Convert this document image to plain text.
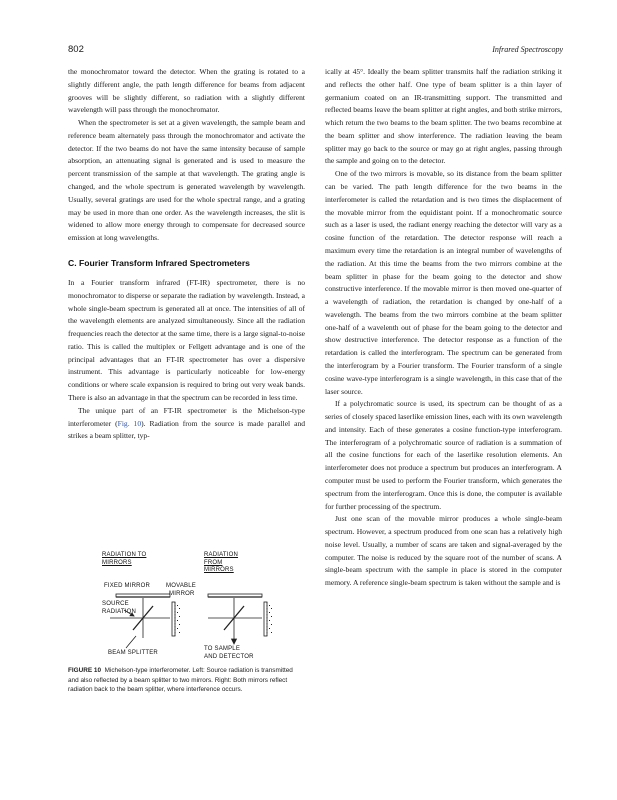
802	Infrared Spectroscopy

the monochromator toward the detector. When the grating is rotated to a slightly different angle, the path length difference for beams from adjacent grooves will be slightly different, so radiation with a slightly different wavelength will pass through the monochromator.

When the spectrometer is set at a given wavelength, the sample beam and reference beam alternately pass through the monochromator and activate the detector. If the two beams do not have the same intensity because of sample absorption, an attenuating signal is generated and is used to measure the percent transmission of the sample at that wavelength. The grating angle is changed, and the whole spectrum is generated wavelength by wavelength. Usually, several gratings are used for the whole spectral range, and a grating may be used in more than one order. As the wavelength increases, the slit is widened to allow more energy through to compensate for decreased source emission at long wavelengths.

C. Fourier Transform Infrared Spectrometers

In a Fourier transform infrared (FT-IR) spectrometer, there is no monochromator to disperse or separate the radiation by wavelength. Instead, a whole single-beam spectrum is generated all at once. The intensities of all of the wavelength elements are analyzed simultaneously. Since all the radiation frequencies reach the detector at the same time, there is a large signal-to-noise ratio. This is called the multiplex or Fellgett advantage and is one of the principal advantages that an FT-IR spectrometer has over a dispersive instrument. This advantage is particularly noticeable for low-energy conditions or where scale expansion is required to bring out very weak bands. There is also an advantage in that the spectrum can be recorded in less time.

The unique part of an FT-IR spectrometer is the Michelson-type interferometer (Fig. 10). Radiation from the source is made parallel and strikes a beam splitter, typ-

RADIATION TO
MIRRORS
RADIATION
FROM
MIRRORS
FIXED MIRROR	MOVABLE
MIRROR
SOURCE
RADIATION
BEAM SPLITTER
TO SAMPLE
AND DETECTOR
FIGURE 10 Michelson-type interferometer. Left: Source radiation is transmitted and also reflected by a beam splitter to two mirrors. Right: Both mirrors reflect radiation back to the beam splitter, where interference occurs.

ically at 45°. Ideally the beam splitter transmits half the radiation striking it and reflects the other half. One type of beam splitter is a thin layer of germanium coated on an IR-transmitting support. The transmitted and reflected beams leave the beam splitter at right angles, and both strike mirrors, which return the two beams to the beam splitter. The two beams recombine at the beam splitter and show interference. The radiation leaving the beam splitter may go back to the source or may go at right angles, passing through the sample and going on to the detector.

One of the two mirrors is movable, so its distance from the beam splitter can be varied. The path length difference for the two beams in the interferometer is called the retardation and is two times the displacement of the movable mirror from the equidistant point. If a monochromatic source such as a laser is used, the radiant energy reaching the detector will vary as a cosine function of the retardation. The detector response will reach a maximum every time the retardation is an integral number of wavelengths of the radiation. At this time the beams from the two mirrors combine at the beam splitter in phase for the beam going to the detector and show constructive interference. If the movable mirror is then moved one-quarter of a wavelength of radiation, the retardation is changed by one-half of a wavelength. The beams from the two mirrors combine at the beam splitter one-half of a wavelenth out of phase for the beam going to the detector and show destructive interference. The detector response as a function of the retardation is called the interferogram. The spectrum can be generated from the interferogram by a Fourier transform. The Fourier transform of a single cosine wave-type interferogram is a single wavelength, in this case that of the laser source.

If a polychromatic source is used, its spectrum can be thought of as a series of closely spaced laserlike emission lines, each with its own wavelength and intensity. Each of these generates a cosine function-type interferogram. The interferogram of a polychromatic source of radiation is a summation of all the cosine functions for each of the laserlike resolution elements. An interferometer does not produce a spectrum but produces an interferogram. A computer must be used to perform the Fourier transform, which generates the spectrum from the interferogram. Once this is done, the computer is available for further processing of the spectrum.

Just one scan of the movable mirror produces a whole single-beam spectrum. However, a spectrum produced from one scan has a relatively high noise level. Usually, a number of scans are taken and signal-averaged by the computer. The noise is reduced by the square root of the number of scans. A single-beam spectrum with the sample in place is stored in the computer memory. A reference single-beam spectrum is taken without the sample and is
